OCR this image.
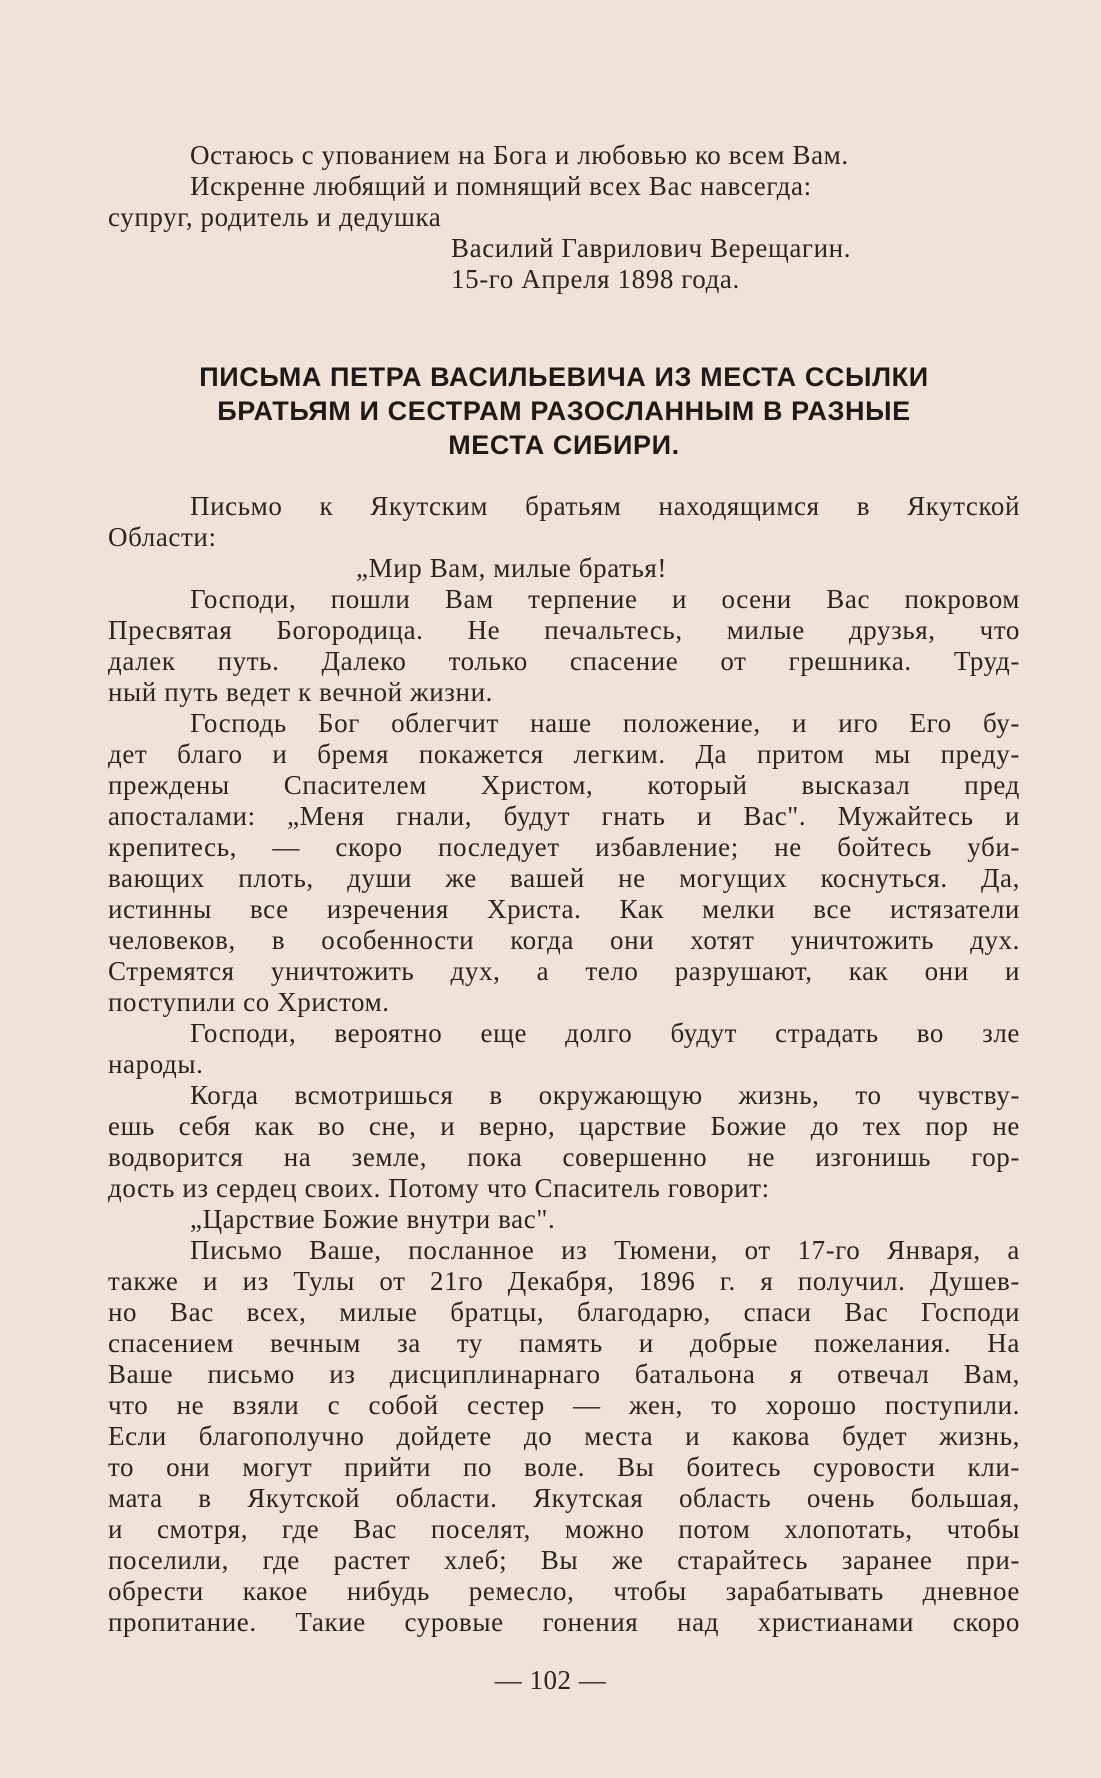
Остаюсь с упованием на Бога и любовью ко всем Вам.
Искренне любящий и помнящий всех Вас навсегда:
супруг, родитель и дедушка
Василий Гаврилович Верещагин.
15-го Апреля 1898 года.
ПИСЬМА ПЕТРА ВАСИЛЬЕВИЧА ИЗ МЕСТА ССЫЛКИ
БРАТЬЯМ И СЕСТРАМ РАЗОСЛАННЫМ В РАЗНЫЕ
МЕСТА СИБИРИ.
Письмо к Якутским братьям находящимся в Якутской
Области:
„Мир Вам, милые братья!
Господи, пошли Вам терпение и осени Вас покровом
Пресвятая Богородица. Не печальтесь, милые друзья, что
далек путь. Далеко только спасение от грешника. Труд-
ный путь ведет к вечной жизни.
Господь Бог облегчит наше положение, и иго Его бу-
дет благо и бремя покажется легким. Да притом мы преду-
преждены Спасителем Христом, который высказал пред
апосталами: „Меня гнали, будут гнать и Вас". Мужайтесь и
крепитесь, — скоро последует избавление; не бойтесь уби-
вающих плоть, души же вашей не могущих коснуться. Да,
истинны все изречения Христа. Как мелки все истязатели
человеков, в особенности когда они хотят уничтожить дух.
Стремятся уничтожить дух, а тело разрушают, как они и
поступили со Христом.
Господи, вероятно еще долго будут страдать во зле
народы.
Когда всмотришься в окружающую жизнь, то чувству-
ешь себя как во сне, и верно, царствие Божие до тех пор не
водворится на земле, пока совершенно не изгонишь гор-
дость из сердец своих. Потому что Спаситель говорит:
„Царствие Божие внутри вас".
Письмо Ваше, посланное из Тюмени, от 17-го Января, а
также и из Тулы от 21го Декабря, 1896 г. я получил. Душев-
но Вас всех, милые братцы, благодарю, спаси Вас Господи
спасением вечным за ту память и добрые пожелания. На
Ваше письмо из дисциплинарнаго батальона я отвечал Вам,
что не взяли с собой сестер — жен, то хорошо поступили.
Если благополучно дойдете до места и какова будет жизнь,
то они могут прийти по воле. Вы боитесь суровости кли-
мата в Якутской области. Якутская область очень большая,
и смотря, где Вас поселят, можно потом хлопотать, чтобы
поселили, где растет хлеб; Вы же старайтесь заранее при-
обрести какое нибудь ремесло, чтобы зарабатывать дневное
пропитание. Такие суровые гонения над христианами скоро
— 102 —
